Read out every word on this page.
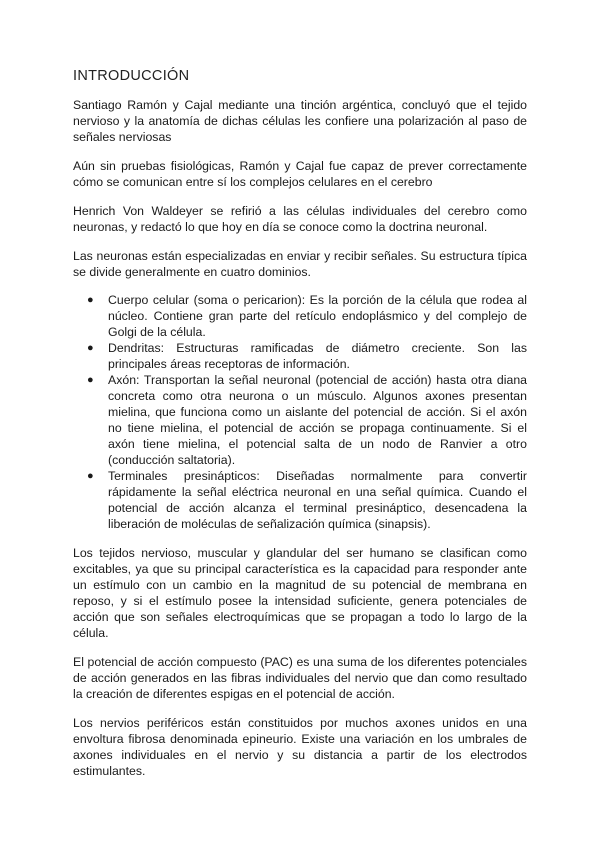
INTRODUCCIÓN

Santiago Ramón y Cajal mediante una tinción argéntica, concluyó que el tejido nervioso y la anatomía de dichas células les confiere una polarización al paso de señales nerviosas

Aún sin pruebas fisiológicas, Ramón y Cajal fue capaz de prever correctamente cómo se comunican entre sí los complejos celulares en el cerebro

Henrich Von Waldeyer se refirió a las células individuales del cerebro como neuronas, y redactó lo que hoy en día se conoce como la doctrina neuronal.

Las neuronas están especializadas en enviar y recibir señales. Su estructura típica se divide generalmente en cuatro dominios.

● Cuerpo celular (soma o pericarion): Es la porción de la célula que rodea al núcleo. Contiene gran parte del retículo endoplásmico y del complejo de Golgi de la célula.
● Dendritas: Estructuras ramificadas de diámetro creciente. Son las principales áreas receptoras de información.
● Axón: Transportan la señal neuronal (potencial de acción) hasta otra diana concreta como otra neurona o un músculo. Algunos axones presentan mielina, que funciona como un aislante del potencial de acción. Si el axón no tiene mielina, el potencial de acción se propaga continuamente. Si el axón tiene mielina, el potencial salta de un nodo de Ranvier a otro (conducción saltatoria).
● Terminales presinápticos: Diseñadas normalmente para convertir rápidamente la señal eléctrica neuronal en una señal química. Cuando el potencial de acción alcanza el terminal presináptico, desencadena la liberación de moléculas de señalización química (sinapsis).

Los tejidos nervioso, muscular y glandular del ser humano se clasifican como excitables, ya que su principal característica es la capacidad para responder ante un estímulo con un cambio en la magnitud de su potencial de membrana en reposo, y si el estímulo posee la intensidad suficiente, genera potenciales de acción que son señales electroquímicas que se propagan a todo lo largo de la célula.

El potencial de acción compuesto (PAC) es una suma de los diferentes potenciales de acción generados en las fibras individuales del nervio que dan como resultado la creación de diferentes espigas en el potencial de acción.

Los nervios periféricos están constituidos por muchos axones unidos en una envoltura fibrosa denominada epineurio. Existe una variación en los umbrales de axones individuales en el nervio y su distancia a partir de los electrodos estimulantes.
